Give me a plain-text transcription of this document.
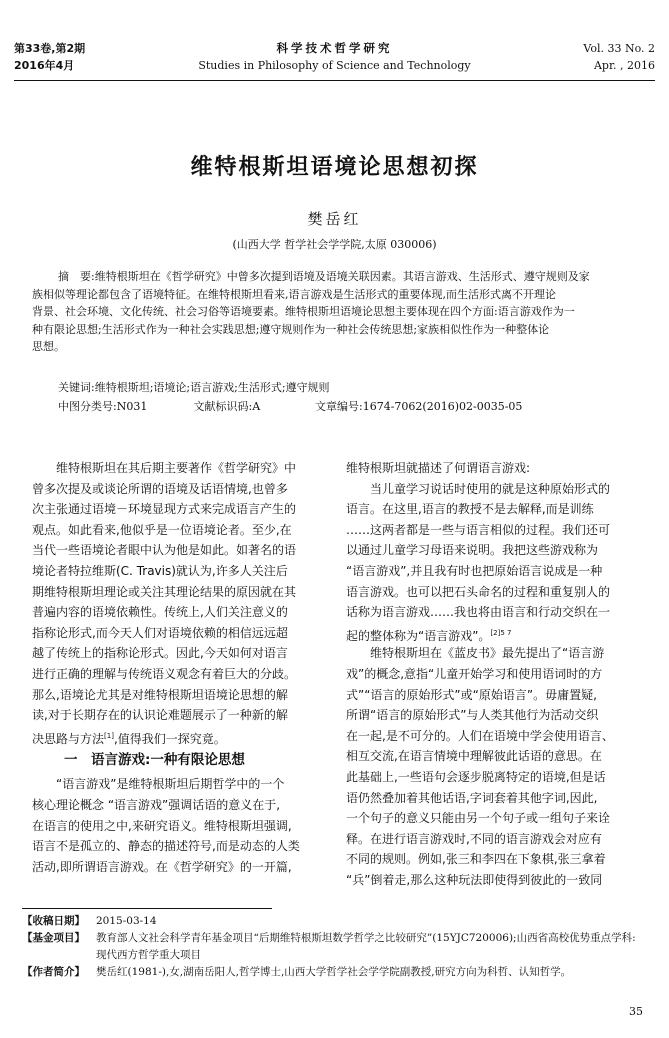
第33卷,第2期
2016年4月
科学技术哲学研究
Studies in Philosophy of Science and Technology
Vol. 33 No. 2
Apr. , 2016
维特根斯坦语境论思想初探
樊岳红
(山西大学 哲学社会学学院,太原 030006)
摘　要:维特根斯坦在《哲学研究》中曾多次提到语境及语境关联因素。其语言游戏、生活形式、遵守规则及家
族相似等理论都包含了语境特征。在维特根斯坦看来,语言游戏是生活形式的重要体现,而生活形式离不开理论
背景、社会环境、文化传统、社会习俗等语境要素。维特根斯坦语境论思想主要体现在四个方面:语言游戏作为一
种有限论思想;生活形式作为一种社会实践思想;遵守规则作为一种社会传统思想;家族相似性作为一种整体论
思想。
关键词:维特根斯坦;语境论;语言游戏;生活形式;遵守规则
中图分类号:N031	文献标识码:A	文章编号:1674-7062(2016)02-0035-05
维特根斯坦在其后期主要著作《哲学研究》中
曾多次提及或谈论所谓的语境及话语情境,也曾多
次主张通过语境－环境显现方式来完成语言产生的
观点。如此看来,他似乎是一位语境论者。至少,在
当代一些语境论者眼中认为他是如此。如著名的语
境论者特拉维斯(C. Travis)就认为,许多人关注后
期维特根斯坦理论或关注其理论结果的原因就在其
普遍内容的语境依赖性。传统上,人们关注意义的
指称论形式,而今天人们对语境依赖的相信远远超
越了传统上的指称论形式。因此,今天如何对语言
进行正确的理解与传统语义观念有着巨大的分歧。
那么,语境论尤其是对维特根斯坦语境论思想的解
读,对于长期存在的认识论难题展示了一种新的解
决思路与方法[1],值得我们一探究竟。
一　语言游戏:一种有限论思想
“语言游戏”是维特根斯坦后期哲学中的一个
核心理论概念 “语言游戏”强调话语的意义在于,
在语言的使用之中,来研究语义。维特根斯坦强调,
语言不是孤立的、静态的描述符号,而是动态的人类
活动,即所谓语言游戏。在《哲学研究》的一开篇,
维特根斯坦就描述了何谓语言游戏:
当儿童学习说话时使用的就是这种原始形式的
语言。在这里,语言的教授不是去解释,而是训练
……这两者都是一些与语言相似的过程。我们还可
以通过儿童学习母语来说明。我把这些游戏称为
“语言游戏”,并且我有时也把原始语言说成是一种
语言游戏。也可以把石头命名的过程和重复别人的
话称为语言游戏……我也将由语言和行动交织在一
起的整体称为“语言游戏”。$^{[2]5 7}$
维特根斯坦在《蓝皮书》最先提出了“语言游
戏”的概念,意指“儿童开始学习和使用语词时的方
式”“语言的原始形式”或“原始语言”。毋庸置疑,
所谓“语言的原始形式”与人类其他行为活动交织
在一起,是不可分的。人们在语境中学会使用语言、
相互交流,在语言情境中理解彼此话语的意思。在
此基础上,一些语句会逐步脱离特定的语境,但是话
语仍然叠加着其他话语,字词套着其他字词,因此,
一个句子的意义只能由另一个句子或一组句子来诠
释。在进行语言游戏时,不同的语言游戏会对应有
不同的规则。例如,张三和李四在下象棋,张三拿着
“兵”倒着走,那么这种玩法即使得到彼此的一致同
【收稿日期】	2015-03-14
【基金项目】	教育部人文社会科学青年基金项目“后期维特根斯坦数学哲学之比较研究”(15YJC720006);山西省高校优势重点学科:现代西方哲学重大项目
【作者简介】	樊岳红(1981-),女,湖南岳阳人,哲学博士,山西大学哲学社会学学院副教授,研究方向为科哲、认知哲学。
35
